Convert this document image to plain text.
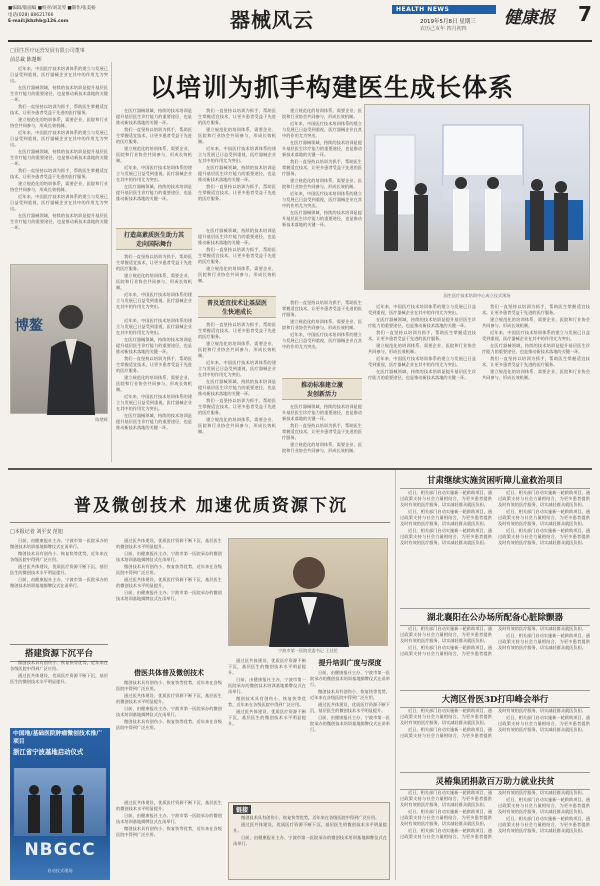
■编辑/版面编 ■校对/刘美琴 ■制作/张美杨
电话(028) 88621766
E-mail:jkbzhb@126.com	器械风云	HEALTH NEWS	健康报 7
2019年5月8日 星期三
农历己亥年 四月初四
□国生医疗运营发展有限公司董事
前总裁 陈楚晖
以培训为抓手构建医生成长体系

近年来，中国医疗技术培训体系的建立与发展已日益受到重视，医疗器械企业在其中的作用尤为突出。

在医疗器械领域，持续的技术培训是提升基层医生诊疗能力的重要途径，也是推动新技术落地的关键一环。

我们一直坚持以培训为抓手，帮助医生掌握适宜技术，让更多患者受益于先进的医疗服务。

建立规范化的培训体系，需要企业、医院和行业协会共同参与，形成长效机制。

近年来，中国医疗技术培训体系的建立与发展已日益受到重视，医疗器械企业在其中的作用尤为突出。

在医疗器械领域，持续的技术培训是提升基层医生诊疗能力的重要途径，也是推动新技术落地的关键一环。

我们一直坚持以培训为抓手，帮助医生掌握适宜技术，让更多患者受益于先进的医疗服务。

建立规范化的培训体系，需要企业、医院和行业协会共同参与，形成长效机制。

近年来，中国医疗技术培训体系的建立与发展已日益受到重视，医疗器械企业在其中的作用尤为突出。

在医疗器械领域，持续的技术培训是提升基层医生诊疗能力的重要途径，也是推动新技术落地的关键一环。

博鳌
陈楚晖

在医疗器械领域，持续的技术培训是提升基层医生诊疗能力的重要途径，也是推动新技术落地的关键一环。

我们一直坚持以培训为抓手，帮助医生掌握适宜技术，让更多患者受益于先进的医疗服务。

建立规范化的培训体系，需要企业、医院和行业协会共同参与，形成长效机制。

近年来，中国医疗技术培训体系的建立与发展已日益受到重视，医疗器械企业在其中的作用尤为突出。

在医疗器械领域，持续的技术培训是提升基层医生诊疗能力的重要途径，也是推动新技术落地的关键一环。

我们一直坚持以培训为抓手，帮助医生掌握适宜技术，让更多患者受益于先进的医疗服务。

建立规范化的培训体系，需要企业、医院和行业协会共同参与，形成长效机制。

近年来，中国医疗技术培训体系的建立与发展已日益受到重视，医疗器械企业在其中的作用尤为突出。

在医疗器械领域，持续的技术培训是提升基层医生诊疗能力的重要途径，也是推动新技术落地的关键一环。

我们一直坚持以培训为抓手，帮助医生掌握适宜技术，让更多患者受益于先进的医疗服务。

建立规范化的培训体系，需要企业、医院和行业协会共同参与，形成长效机制。

近年来，中国医疗技术培训体系的建立与发展已日益受到重视，医疗器械企业在其中的作用尤为突出。

在医疗器械领域，持续的技术培训是提升基层医生诊疗能力的重要途径，也是推动新技术落地的关键一环。

我们一直坚持以培训为抓手，帮助医生掌握适宜技术，让更多患者受益于先进的医疗服务。

建立规范化的培训体系，需要企业、医院和行业协会共同参与，形成长效机制。

近年来，中国医疗技术培训体系的建立与发展已日益受到重视，医疗器械企业在其中的作用尤为突出。

在医疗器械领域，持续的技术培训是提升基层医生诊疗能力的重要途径，也是推动新技术落地的关键一环。

打造高素质医生助力其走向国际舞台

我们一直坚持以培训为抓手，帮助医生掌握适宜技术，让更多患者受益于先进的医疗服务。

建立规范化的培训体系，需要企业、医院和行业协会共同参与，形成长效机制。

近年来，中国医疗技术培训体系的建立与发展已日益受到重视，医疗器械企业在其中的作用尤为突出。

在医疗器械领域，持续的技术培训是提升基层医生诊疗能力的重要途径，也是推动新技术落地的关键一环。

我们一直坚持以培训为抓手，帮助医生掌握适宜技术，让更多患者受益于先进的医疗服务。

建立规范化的培训体系，需要企业、医院和行业协会共同参与，形成长效机制。

普及适宜技术让基层医生快速成长

近年来，中国医疗技术培训体系的建立与发展已日益受到重视，医疗器械企业在其中的作用尤为突出。

在医疗器械领域，持续的技术培训是提升基层医生诊疗能力的重要途径，也是推动新技术落地的关键一环。

我们一直坚持以培训为抓手，帮助医生掌握适宜技术，让更多患者受益于先进的医疗服务。

建立规范化的培训体系，需要企业、医院和行业协会共同参与，形成长效机制。

近年来，中国医疗技术培训体系的建立与发展已日益受到重视，医疗器械企业在其中的作用尤为突出。

在医疗器械领域，持续的技术培训是提升基层医生诊疗能力的重要途径，也是推动新技术落地的关键一环。

我们一直坚持以培训为抓手，帮助医生掌握适宜技术，让更多患者受益于先进的医疗服务。

建立规范化的培训体系，需要企业、医院和行业协会共同参与，形成长效机制。

近年来，中国医疗技术培训体系的建立与发展已日益受到重视，医疗器械企业在其中的作用尤为突出。

在医疗器械领域，持续的技术培训是提升基层医生诊疗能力的重要途径，也是推动新技术落地的关键一环。

我们一直坚持以培训为抓手，帮助医生掌握适宜技术，让更多患者受益于先进的医疗服务。

建立规范化的培训体系，需要企业、医院和行业协会共同参与，形成长效机制。

国生医疗技术培训中心成立仪式现场

我们一直坚持以培训为抓手，帮助医生掌握适宜技术，让更多患者受益于先进的医疗服务。

建立规范化的培训体系，需要企业、医院和行业协会共同参与，形成长效机制。

近年来，中国医疗技术培训体系的建立与发展已日益受到重视，医疗器械企业在其中的作用尤为突出。

推动标准建立激发创新活力

在医疗器械领域，持续的技术培训是提升基层医生诊疗能力的重要途径，也是推动新技术落地的关键一环。

我们一直坚持以培训为抓手，帮助医生掌握适宜技术，让更多患者受益于先进的医疗服务。

建立规范化的培训体系，需要企业、医院和行业协会共同参与，形成长效机制。

近年来，中国医疗技术培训体系的建立与发展已日益受到重视，医疗器械企业在其中的作用尤为突出。

在医疗器械领域，持续的技术培训是提升基层医生诊疗能力的重要途径，也是推动新技术落地的关键一环。

我们一直坚持以培训为抓手，帮助医生掌握适宜技术，让更多患者受益于先进的医疗服务。

建立规范化的培训体系，需要企业、医院和行业协会共同参与，形成长效机制。

近年来，中国医疗技术培训体系的建立与发展已日益受到重视，医疗器械企业在其中的作用尤为突出。

在医疗器械领域，持续的技术培训是提升基层医生诊疗能力的重要途径，也是推动新技术落地的关键一环。

我们一直坚持以培训为抓手，帮助医生掌握适宜技术，让更多患者受益于先进的医疗服务。

建立规范化的培训体系，需要企业、医院和行业协会共同参与，形成长效机制。

近年来，中国医疗技术培训体系的建立与发展已日益受到重视，医疗器械企业在其中的作用尤为突出。

在医疗器械领域，持续的技术培训是提升基层医生诊疗能力的重要途径，也是推动新技术落地的关键一环。

我们一直坚持以培训为抓手，帮助医生掌握适宜技术，让更多患者受益于先进的医疗服务。

建立规范化的培训体系，需要企业、医院和行业协会共同参与，形成长效机制。

普及微创技术 加速优质资源下沉
□本报记者 刘平安 范旭

日前，由健康报社主办、宁波市第一医院承办的微创技术培训基地揭牌仪式在甬举行。

微创技术具有创伤小、恢复快等优势，近年来在各级医院中得到广泛应用。

通过医共体建设，优质医疗资源不断下沉，基层医生的微创技术水平明显提升。

日前，由健康报社主办、宁波市第一医院承办的微创技术培训基地揭牌仪式在甬举行。

搭建资源下沉平台

微创技术具有创伤小、恢复快等优势，近年来在各级医院中得到广泛应用。

通过医共体建设，优质医疗资源不断下沉，基层医生的微创技术水平明显提升。

宁波市第一医院党委书记 王佳伦

通过医共体建设，优质医疗资源不断下沉，基层医生的微创技术水平明显提升。

日前，由健康报社主办、宁波市第一医院承办的微创技术培训基地揭牌仪式在甬举行。

微创技术具有创伤小、恢复快等优势，近年来在各级医院中得到广泛应用。

通过医共体建设，优质医疗资源不断下沉，基层医生的微创技术水平明显提升。

日前，由健康报社主办、宁波市第一医院承办的微创技术培训基地揭牌仪式在甬举行。

借医共体普及微创技术

微创技术具有创伤小、恢复快等优势，近年来在各级医院中得到广泛应用。

通过医共体建设，优质医疗资源不断下沉，基层医生的微创技术水平明显提升。

日前，由健康报社主办、宁波市第一医院承办的微创技术培训基地揭牌仪式在甬举行。

微创技术具有创伤小、恢复快等优势，近年来在各级医院中得到广泛应用。

通过医共体建设，优质医疗资源不断下沉，基层医生的微创技术水平明显提升。

日前，由健康报社主办、宁波市第一医院承办的微创技术培训基地揭牌仪式在甬举行。

微创技术具有创伤小、恢复快等优势，近年来在各级医院中得到广泛应用。

通过医共体建设，优质医疗资源不断下沉，基层医生的微创技术水平明显提升。

提升培训广度与深度

日前，由健康报社主办、宁波市第一医院承办的微创技术培训基地揭牌仪式在甬举行。

微创技术具有创伤小、恢复快等优势，近年来在各级医院中得到广泛应用。

通过医共体建设，优质医疗资源不断下沉，基层医生的微创技术水平明显提升。

日前，由健康报社主办、宁波市第一医院承办的微创技术培训基地揭牌仪式在甬举行。

链接

微创技术具有创伤小、恢复快等优势，近年来在各级医院中得到广泛应用。

通过医共体建设，优质医疗资源不断下沉，基层医生的微创技术水平明显提升。

日前，由健康报社主办、宁波市第一医院承办的微创技术培训基地揭牌仪式在甬举行。

通过医共体建设，优质医疗资源不断下沉，基层医生的微创技术水平明显提升。

日前，由健康报社主办、宁波市第一医院承办的微创技术培训基地揭牌仪式在甬举行。

微创技术具有创伤小、恢复快等优势，近年来在各级医院中得到广泛应用。

中国地/基础医院肿瘤微创技术推广项目
浙江省宁波基地启动仪式
NBGCC
启动仪式现场
甘肃继续实施贫困听障儿童救治项目

近日，相关部门启动实施新一轮救助项目，通过政策支持与社会力量相结合，为更多患者提供及时有效的医疗服务，切实减轻群众就医负担。

近日，相关部门启动实施新一轮救助项目，通过政策支持与社会力量相结合，为更多患者提供及时有效的医疗服务，切实减轻群众就医负担。

近日，相关部门启动实施新一轮救助项目，通过政策支持与社会力量相结合，为更多患者提供及时有效的医疗服务，切实减轻群众就医负担。

近日，相关部门启动实施新一轮救助项目，通过政策支持与社会力量相结合，为更多患者提供及时有效的医疗服务，切实减轻群众就医负担。

近日，相关部门启动实施新一轮救助项目，通过政策支持与社会力量相结合，为更多患者提供及时有效的医疗服务，切实减轻群众就医负担。

近日，相关部门启动实施新一轮救助项目，通过政策支持与社会力量相结合，为更多患者提供及时有效的医疗服务，切实减轻群众就医负担。

湖北襄阳在公办场所配备心脏除颤器

近日，相关部门启动实施新一轮救助项目，通过政策支持与社会力量相结合，为更多患者提供及时有效的医疗服务，切实减轻群众就医负担。

近日，相关部门启动实施新一轮救助项目，通过政策支持与社会力量相结合，为更多患者提供及时有效的医疗服务，切实减轻群众就医负担。

近日，相关部门启动实施新一轮救助项目，通过政策支持与社会力量相结合，为更多患者提供及时有效的医疗服务，切实减轻群众就医负担。

大湾区骨医3D打印峰会举行

近日，相关部门启动实施新一轮救助项目，通过政策支持与社会力量相结合，为更多患者提供及时有效的医疗服务，切实减轻群众就医负担。

近日，相关部门启动实施新一轮救助项目，通过政策支持与社会力量相结合，为更多患者提供及时有效的医疗服务，切实减轻群众就医负担。

近日，相关部门启动实施新一轮救助项目，通过政策支持与社会力量相结合，为更多患者提供及时有效的医疗服务，切实减轻群众就医负担。

灵椿集团捐款百万助力就业扶贫

近日，相关部门启动实施新一轮救助项目，通过政策支持与社会力量相结合，为更多患者提供及时有效的医疗服务，切实减轻群众就医负担。

近日，相关部门启动实施新一轮救助项目，通过政策支持与社会力量相结合，为更多患者提供及时有效的医疗服务，切实减轻群众就医负担。

近日，相关部门启动实施新一轮救助项目，通过政策支持与社会力量相结合，为更多患者提供及时有效的医疗服务，切实减轻群众就医负担。

近日，相关部门启动实施新一轮救助项目，通过政策支持与社会力量相结合，为更多患者提供及时有效的医疗服务，切实减轻群众就医负担。

近日，相关部门启动实施新一轮救助项目，通过政策支持与社会力量相结合，为更多患者提供及时有效的医疗服务，切实减轻群众就医负担。
